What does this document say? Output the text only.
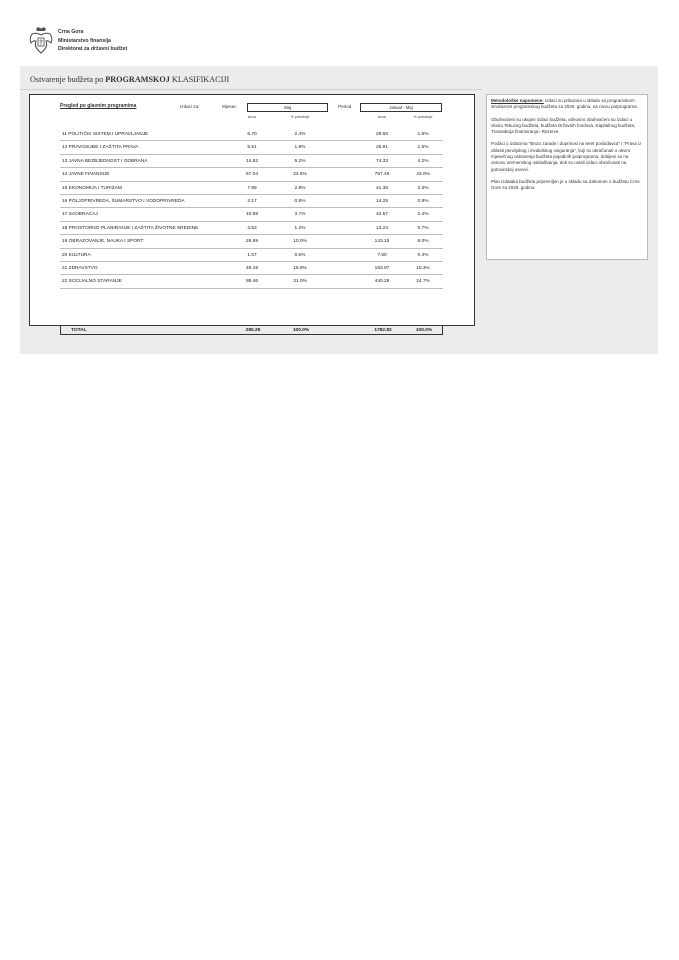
Crna Gora
Ministarstvo finansija
Direktorat za državni budžet
Ostvarenje budžeta po PROGRAMSKOJ KLASIFIKACIJI
Pregled po glavnim programima	Izdaci za:	Mjesec	Maj	Period	Januar - Maj
iznos	% potrošnje	iznos	% potrošnje
11 POLITIČKI SISTEM I UPRAVLJANJE	6.70	2.4%	28.65	1.6%
12 PRAVOSUĐE I ZAŠTITA PRAVA	5.51	1.9%	25.91	1.5%
13 JAVNA BEZBJEDNOST I ODBRANA	14.82	5.2%	74.33	4.2%
14 JAVNE FINANSIJE	67.04	23.5%	767.49	43.0%
15 EKONOMIJA I TURIZAM	7.99	2.8%	41.36	2.3%
16 POLJOPRIVREDA, ŠUMARSTVO I VODOPRIVREDA	2.17	0.8%	14.25	0.8%
17 SAOBRAĆAJ	10.69	3.7%	42.57	2.4%
18 PROSTORNO PLANIRANJE I ZAŠTITA ŽIVOTNE SREDINE	3.53	1.2%	13.24	0.7%
19 OBRAZOVANJE, NAUKA I SPORT	28.59	10.0%	143.15	8.0%
20 KULTURA	1.57	0.5%	7.60	0.4%
21 ZDRAVSTVO	48.19	16.9%	183.97	10.3%
22 SOCIJALNO STARANJE	88.46	31.0%	440.29	24.7%
TOTAL	285.25	100.0%	1782.82	100.0%

Metodološke napomene: Izdaci su prikazani u skladu sa programskom strukturom programskog budžeta za 2025. godinu, na nivou potprograma.

Obuhvaćeni su ukupni izdaci budžeta, odnosno obuhvaćeni su izdaci u okviru Tekućeg budžeta, budžeta Državnih fondova, Kapitalnog budžeta, Transakcija finansiranja i Rezerve.

Podaci o izdacima "Bruto zarade i doprinosi na teret poslodavca" i "Prava iz oblasti penzijskog i invalidskog osiguranja", koji su obračunati u okviru mjesečnog ostvarenja budžeta pojedinih potprograma, dobijeni su na osnovu vremenskog usklađivanja, dok su ostali izdaci obračunati na gotovinskoj osnovi.

Plan izdataka budžeta pripremljen je u skladu sa Zakonom o budžetu Crne Gore za 2025. godinu.
